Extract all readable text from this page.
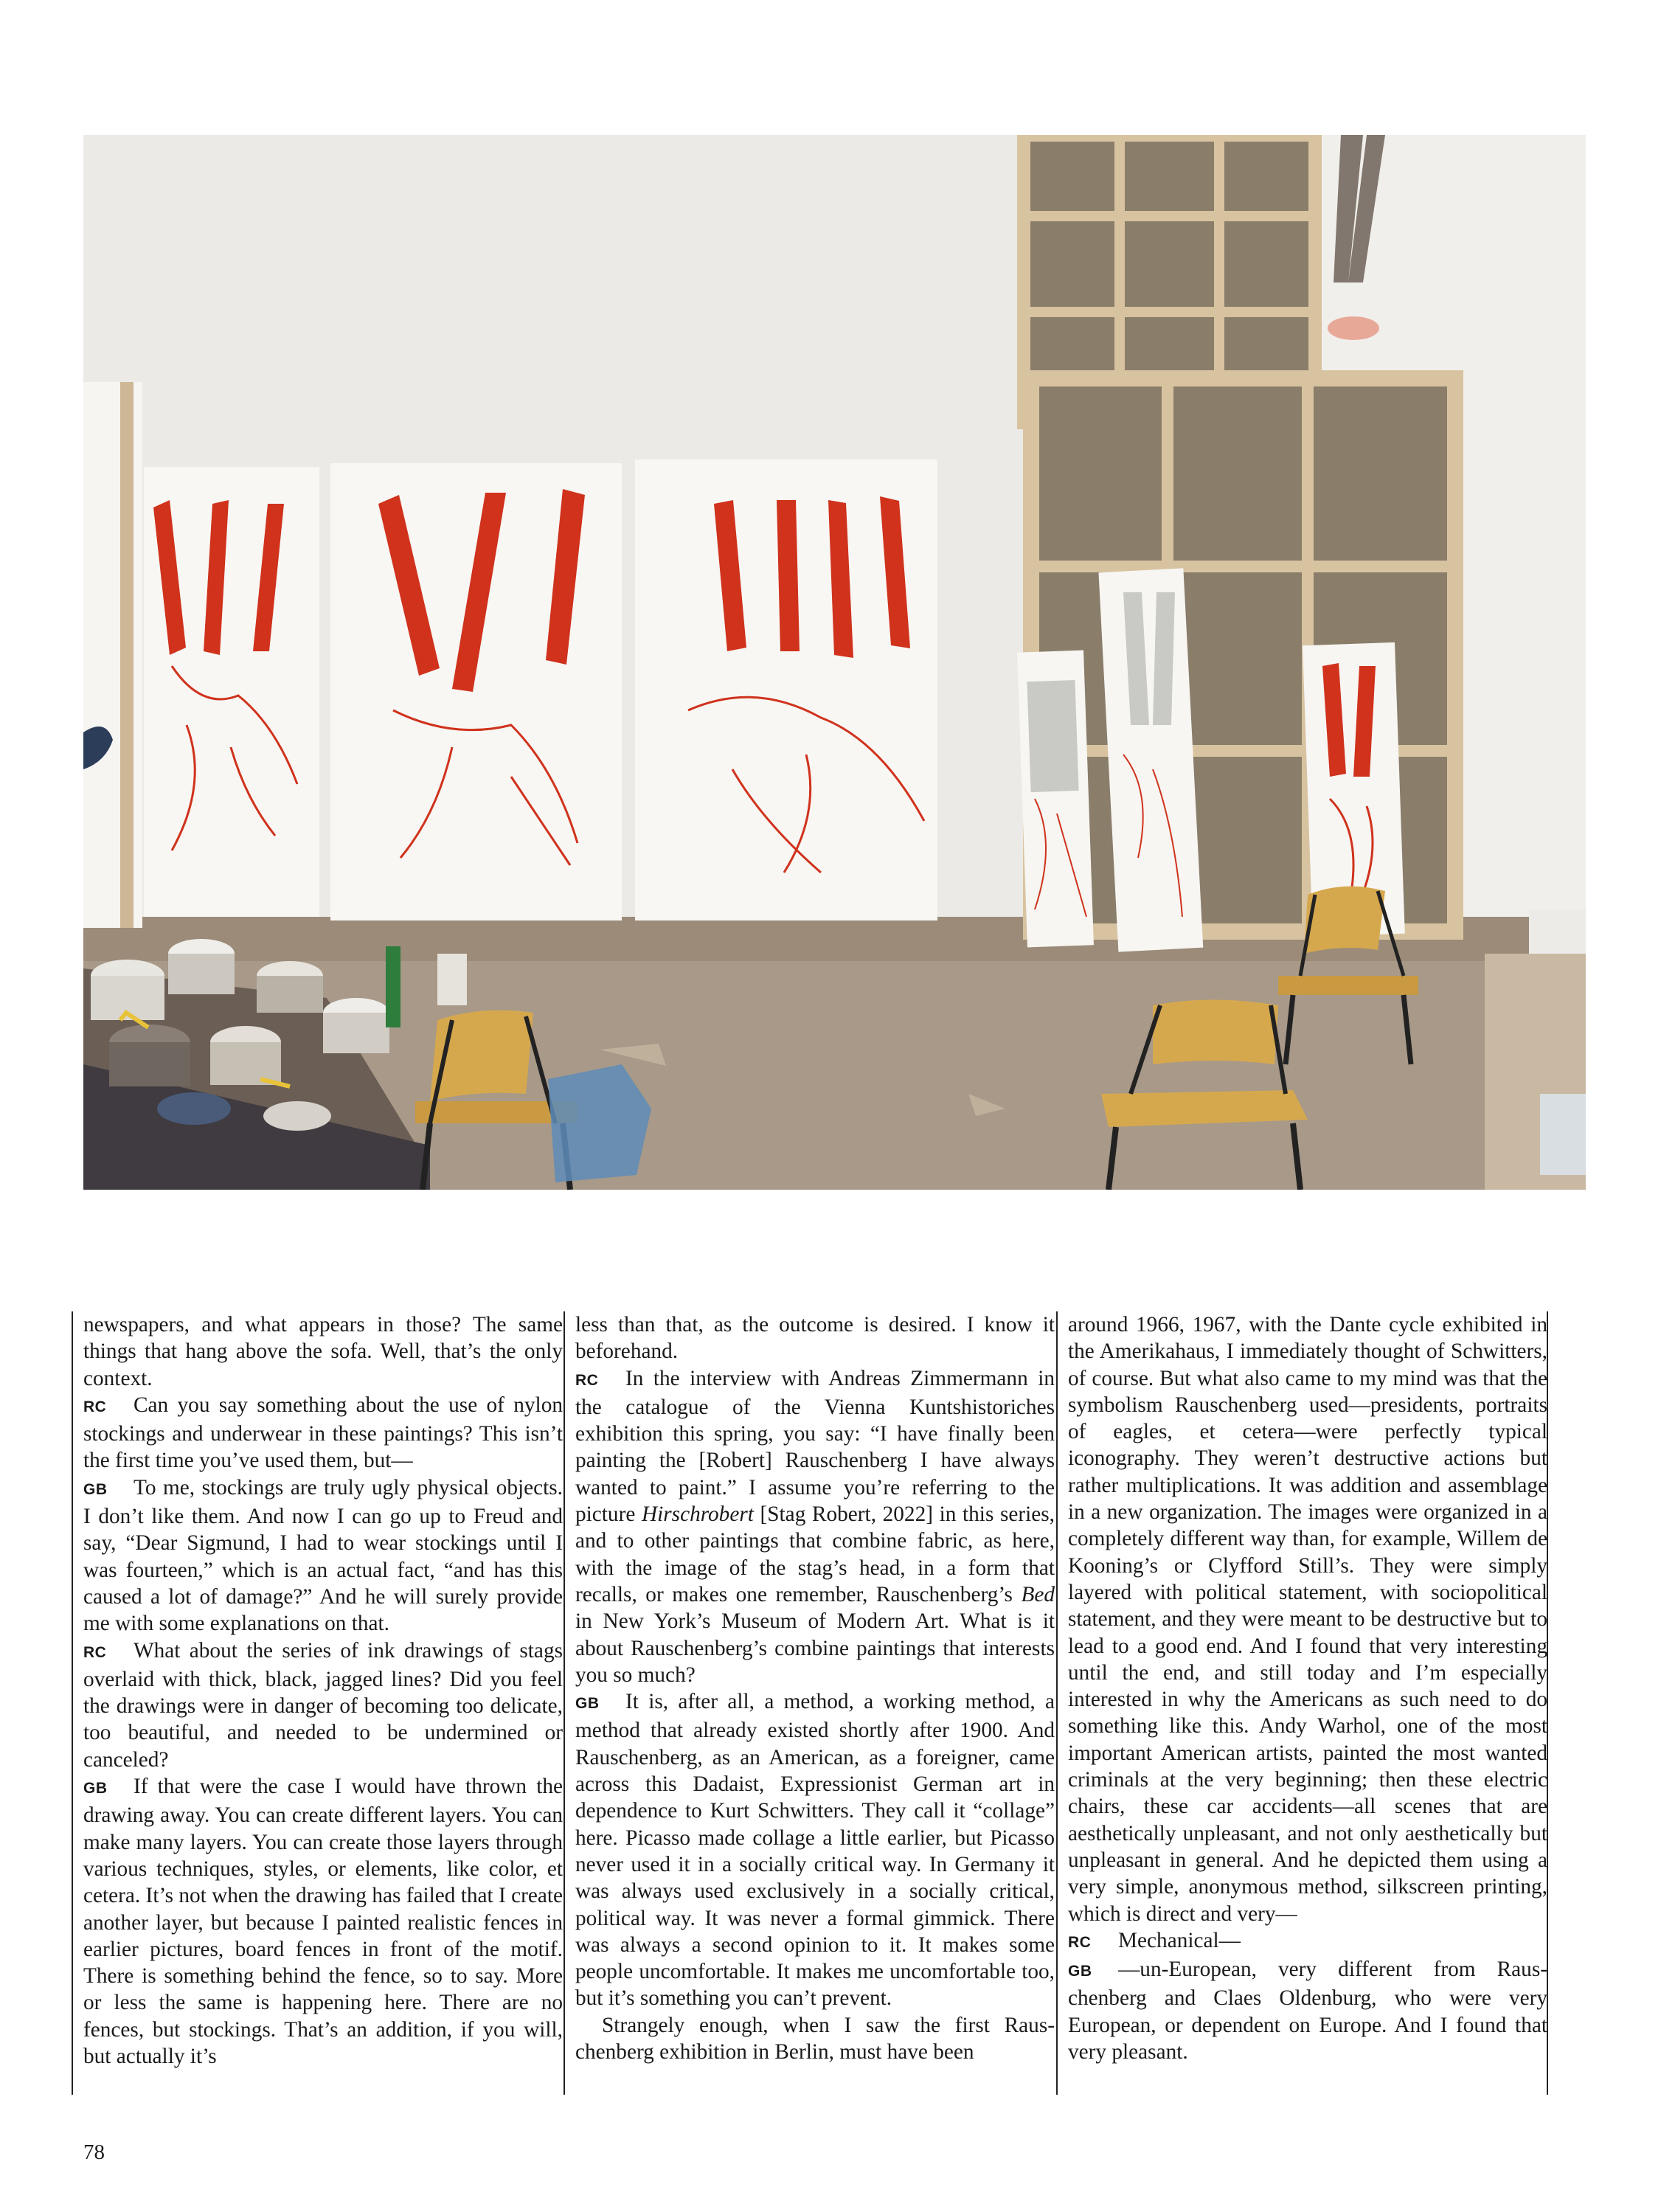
newspapers, and what appears in those? The same things that hang above the sofa. Well, that’s the only context.

RC Can you say something about the use of nylon stockings and underwear in these paintings? This isn’t the first time you’ve used them, but—

GB To me, stockings are truly ugly physical objects. I don’t like them. And now I can go up to Freud and say, “Dear Sigmund, I had to wear stockings until I was fourteen,” which is an actual fact, “and has this caused a lot of damage?” And he will surely provide me with some explanations on that.

RC What about the series of ink drawings of stags overlaid with thick, black, jagged lines? Did you feel the drawings were in danger of becoming too delicate, too beautiful, and needed to be undermined or canceled?

GB If that were the case I would have thrown the drawing away. You can create different layers. You can make many layers. You can create those layers through various techniques, styles, or elements, like color, et cetera. It’s not when the drawing has failed that I create another layer, but because I painted realistic fences in earlier pictures, board fences in front of the motif. There is something behind the fence, so to say. More or less the same is happening here. There are no fences, but stockings. That’s an addition, if you will, but actually it’s

less than that, as the outcome is desired. I know it beforehand.

RC In the interview with Andreas Zimmermann in the catalogue of the Vienna Kuntshistoriches exhibition this spring, you say: “I have finally been painting the [Robert] Rauschenberg I have always wanted to paint.” I assume you’re referring to the picture Hirschrobert [Stag Robert, 2022] in this series, and to other paintings that combine fabric, as here, with the image of the stag’s head, in a form that recalls, or makes one remember, Rauschenberg’s Bed in New York’s Museum of Modern Art. What is it about Rauschenberg’s combine paintings that interests you so much?

GB It is, after all, a method, a working method, a method that already existed shortly after 1900. And Rauschenberg, as an American, as a foreigner, came across this Dadaist, Expressionist German art in dependence to Kurt Schwitters. They call it “collage” here. Picasso made collage a little earlier, but Picasso never used it in a socially critical way. In Germany it was always used exclusively in a socially critical, political way. It was never a formal gimmick. There was always a second opinion to it. It makes some people uncomfortable. It makes me uncomfortable too, but it’s something you can’t prevent.

Strangely enough, when I saw the first Rauschenberg exhibition in Berlin, must have been

around 1966, 1967, with the Dante cycle exhibited in the Amerikahaus, I immediately thought of Schwitters, of course. But what also came to my mind was that the symbolism Rauschenberg used—presidents, portraits of eagles, et cetera—were perfectly typical iconography. They weren’t destructive actions but rather multiplications. It was addition and assemblage in a new organization. The images were organized in a completely different way than, for example, Willem de Kooning’s or Clyfford Still’s. They were simply layered with political statement, with sociopolitical statement, and they were meant to be destructive but to lead to a good end. And I found that very interesting until the end, and still today and I’m especially interested in why the Americans as such need to do something like this. Andy Warhol, one of the most important American artists, painted the most wanted criminals at the very beginning; then these electric chairs, these car accidents—all scenes that are aesthetically unpleasant, and not only aesthetically but unpleasant in general. And he depicted them using a very simple, anonymous method, silkscreen printing, which is direct and very—

RC Mechanical—

GB —un-European, very different from Rauschenberg and Claes Oldenburg, who were very European, or dependent on Europe. And I found that very pleasant.

78
